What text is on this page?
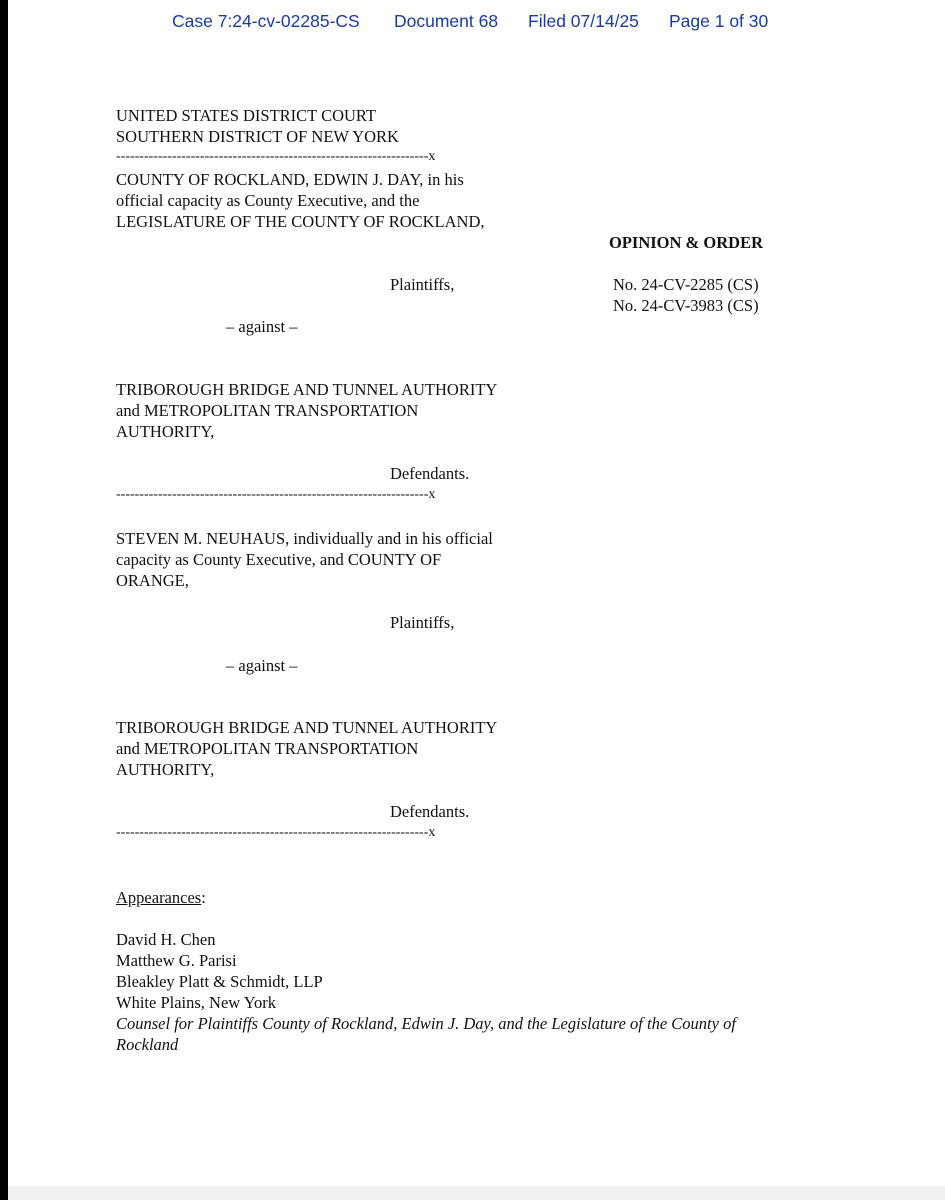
Case 7:24-cv-02285-CS Document 68 Filed 07/14/25 Page 1 of 30
UNITED STATES DISTRICT COURT
SOUTHERN DISTRICT OF NEW YORK
-------------------------------------------------------------------x
COUNTY OF ROCKLAND, EDWIN J. DAY, in his
official capacity as County Executive, and the
LEGISLATURE OF THE COUNTY OF ROCKLAND,

OPINION & ORDER

No. 24-CV-2285 (CS)
No. 24-CV-3983 (CS)

Plaintiffs,

– against –

TRIBOROUGH BRIDGE AND TUNNEL AUTHORITY
and METROPOLITAN TRANSPORTATION
AUTHORITY,

Defendants.

-------------------------------------------------------------------x
STEVEN M. NEUHAUS, individually and in his official
capacity as County Executive, and COUNTY OF
ORANGE,

Plaintiffs,

– against –

TRIBOROUGH BRIDGE AND TUNNEL AUTHORITY
and METROPOLITAN TRANSPORTATION
AUTHORITY,

Defendants.

-------------------------------------------------------------------x

Appearances:

David H. Chen
Matthew G. Parisi
Bleakley Platt & Schmidt, LLP
White Plains, New York
Counsel for Plaintiffs County of Rockland, Edwin J. Day, and the Legislature of the County of
Rockland
